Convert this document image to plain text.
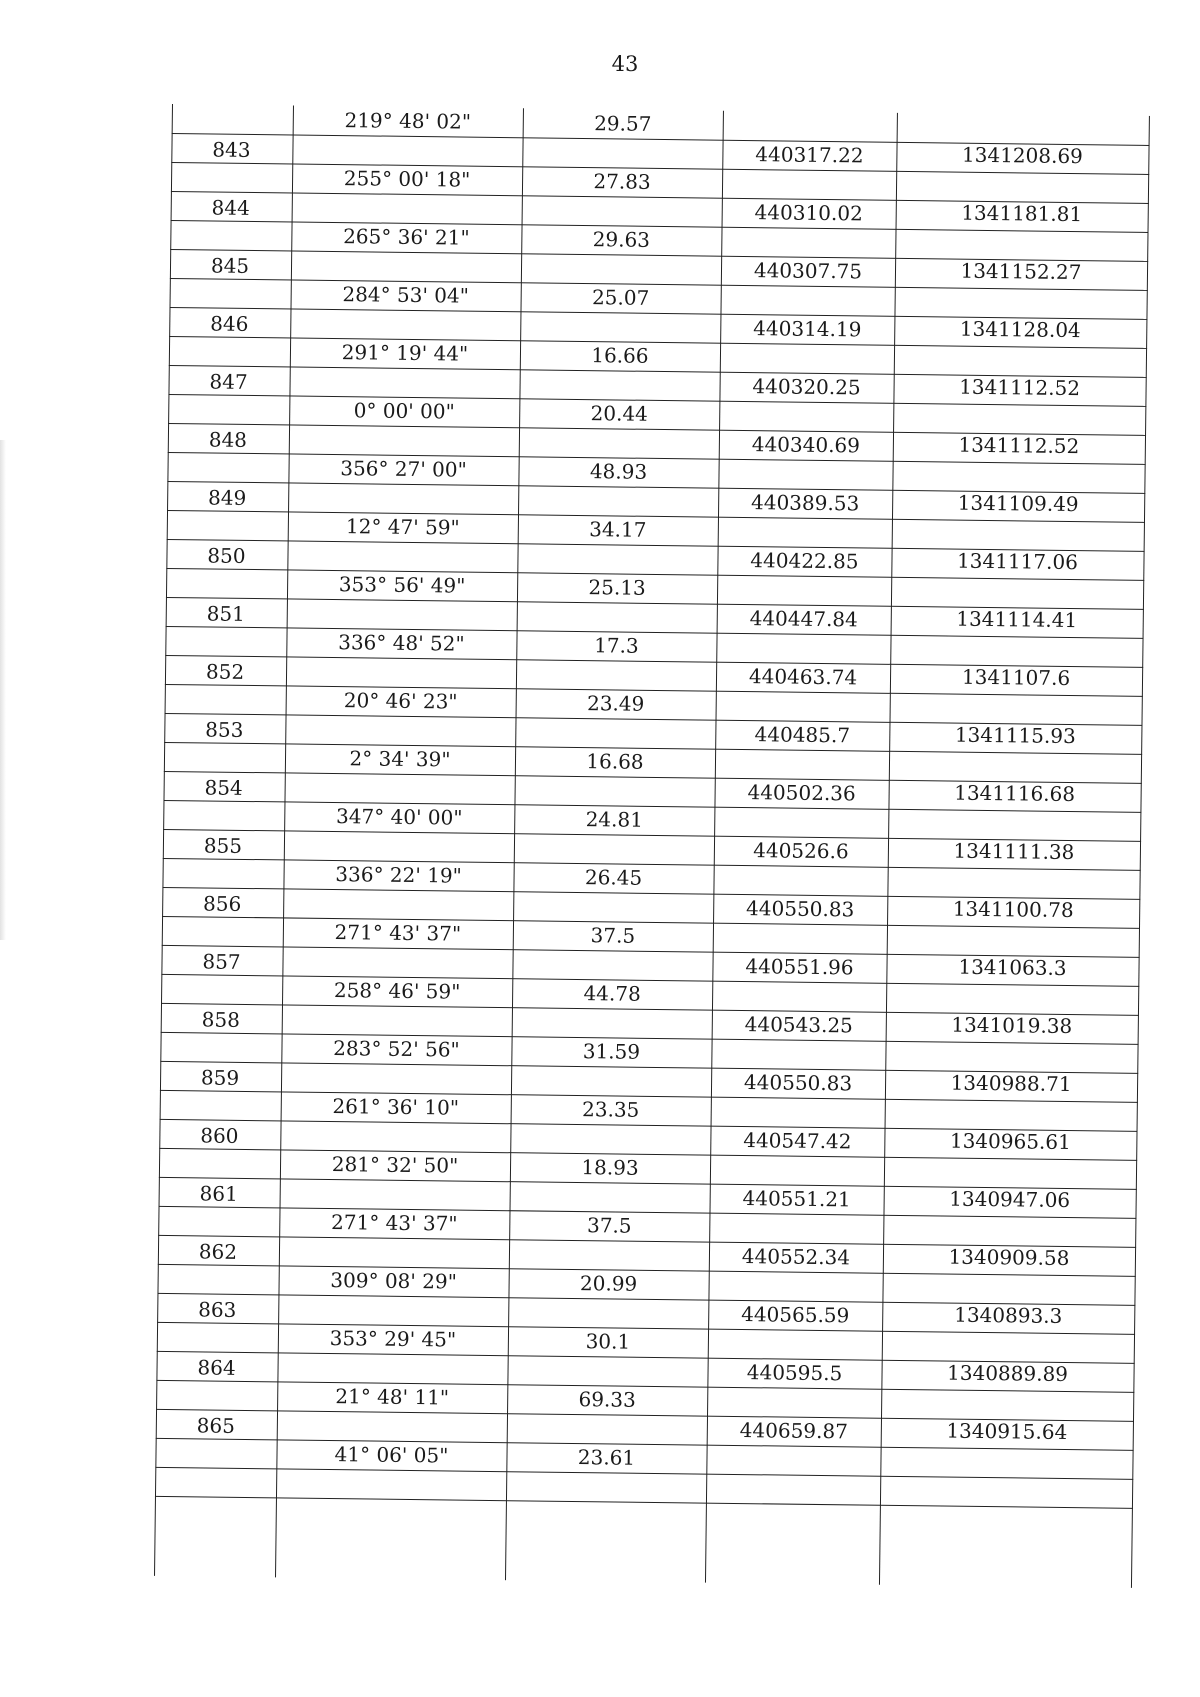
43
219° 48' 02"	29.57
843	440317.22	1341208.69
255° 00' 18"	27.83
844	440310.02	1341181.81
265° 36' 21"	29.63
845	440307.75	1341152.27
284° 53' 04"	25.07
846	440314.19	1341128.04
291° 19' 44"	16.66
847	440320.25	1341112.52
0° 00' 00"	20.44
848	440340.69	1341112.52
356° 27' 00"	48.93
849	440389.53	1341109.49
12° 47' 59"	34.17
850	440422.85	1341117.06
353° 56' 49"	25.13
851	440447.84	1341114.41
336° 48' 52"	17.3
852	440463.74	1341107.6
20° 46' 23"	23.49
853	440485.7	1341115.93
2° 34' 39"	16.68
854	440502.36	1341116.68
347° 40' 00"	24.81
855	440526.6	1341111.38
336° 22' 19"	26.45
856	440550.83	1341100.78
271° 43' 37"	37.5
857	440551.96	1341063.3
258° 46' 59"	44.78
858	440543.25	1341019.38
283° 52' 56"	31.59
859	440550.83	1340988.71
261° 36' 10"	23.35
860	440547.42	1340965.61
281° 32' 50"	18.93
861	440551.21	1340947.06
271° 43' 37"	37.5
862	440552.34	1340909.58
309° 08' 29"	20.99
863	440565.59	1340893.3
353° 29' 45"	30.1
864	440595.5	1340889.89
21° 48' 11"	69.33
865	440659.87	1340915.64
41° 06' 05"	23.61
